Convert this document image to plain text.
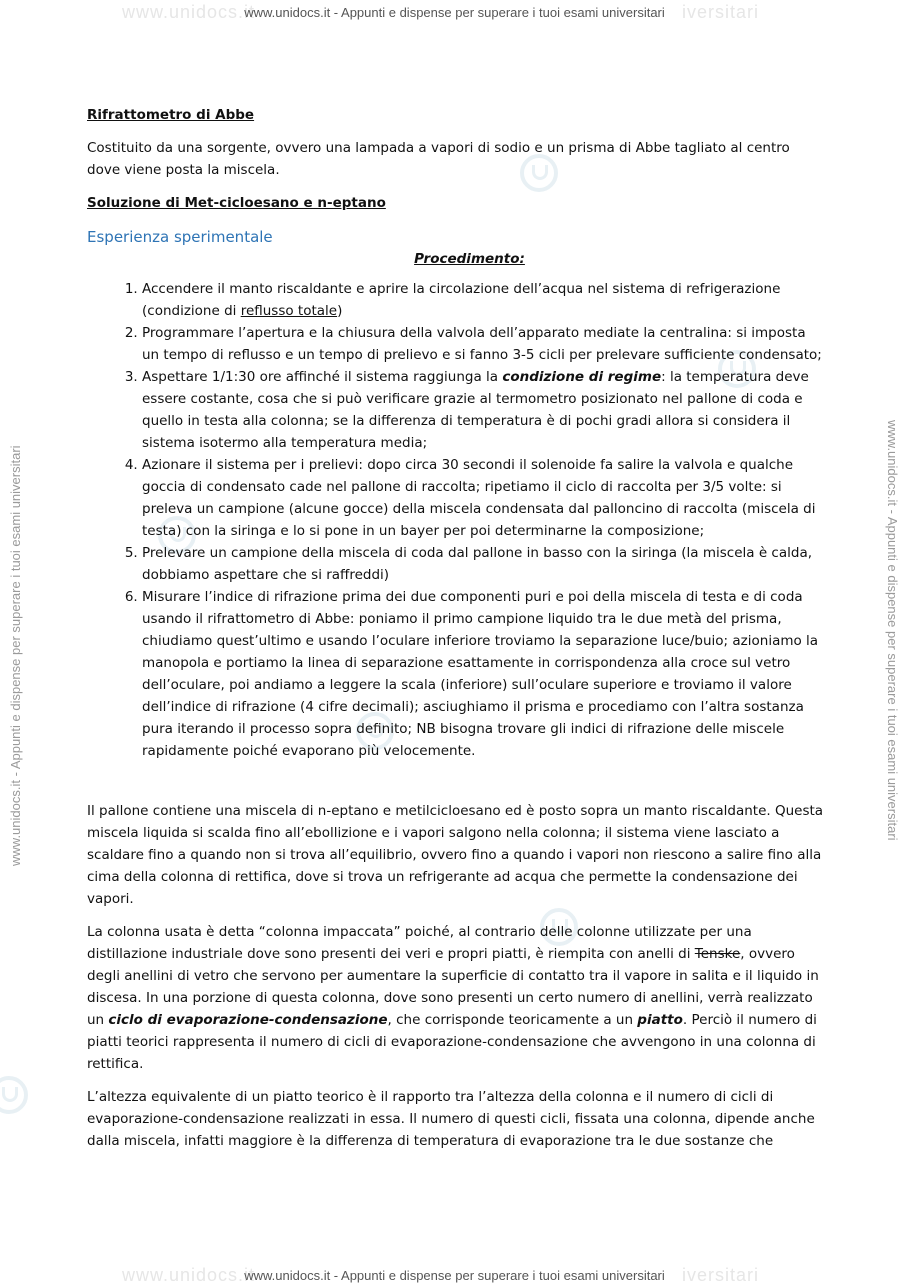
www.unidocs.it	iversitari
www.unidocs.it - Appunti e dispense per superare i tuoi esami universitari
www.unidocs.it	iversitari
www.unidocs.it - Appunti e dispense per superare i tuoi esami universitari
www.unidocs.it - Appunti e dispense per superare i tuoi esami universitari	www.unidocs.it - Appunti e dispense per superare i tuoi esami universitari
Rifrattometro di Abbe

Costituito da una sorgente, ovvero una lampada a vapori di sodio e un prisma di Abbe tagliato al centro dove viene posta la miscela.

Soluzione di Met-cicloesano e n-eptano
Esperienza sperimentale
Procedimento:
1. Accendere il manto riscaldante e aprire la circolazione dell’acqua nel sistema di refrigerazione (condizione di reflusso totale)
2. Programmare l’apertura e la chiusura della valvola dell’apparato mediate la centralina: si imposta un tempo di reflusso e un tempo di prelievo e si fanno 3-5 cicli per prelevare sufficiente condensato;
3. Aspettare 1/1:30 ore affinché il sistema raggiunga la condizione di regime: la temperatura deve essere costante, cosa che si può verificare grazie al termometro posizionato nel pallone di coda e quello in testa alla colonna; se la differenza di temperatura è di pochi gradi allora si considera il sistema isotermo alla temperatura media;
4. Azionare il sistema per i prelievi: dopo circa 30 secondi il solenoide fa salire la valvola e qualche goccia di condensato cade nel pallone di raccolta; ripetiamo il ciclo di raccolta per 3/5 volte: si preleva un campione (alcune gocce) della miscela condensata dal palloncino di raccolta (miscela di testa) con la siringa e lo si pone in un bayer per poi determinarne la composizione;
5. Prelevare un campione della miscela di coda dal pallone in basso con la siringa (la miscela è calda, dobbiamo aspettare che si raffreddi)
6. Misurare l’indice di rifrazione prima dei due componenti puri e poi della miscela di testa e di coda usando il rifrattometro di Abbe: poniamo il primo campione liquido tra le due metà del prisma, chiudiamo quest’ultimo e usando l’oculare inferiore troviamo la separazione luce/buio; azioniamo la manopola e portiamo la linea di separazione esattamente in corrispondenza alla croce sul vetro dell’oculare, poi andiamo a leggere la scala (inferiore) sull’oculare superiore e troviamo il valore dell’indice di rifrazione (4 cifre decimali); asciughiamo il prisma e procediamo con l’altra sostanza pura iterando il processo sopra definito; NB bisogna trovare gli indici di rifrazione delle miscele rapidamente poiché evaporano più velocemente.

Il pallone contiene una miscela di n-eptano e metilcicloesano ed è posto sopra un manto riscaldante. Questa miscela liquida si scalda fino all’ebollizione e i vapori salgono nella colonna; il sistema viene lasciato a scaldare fino a quando non si trova all’equilibrio, ovvero fino a quando i vapori non riescono a salire fino alla cima della colonna di rettifica, dove si trova un refrigerante ad acqua che permette la condensazione dei vapori.

La colonna usata è detta “colonna impaccata” poiché, al contrario delle colonne utilizzate per una distillazione industriale dove sono presenti dei veri e propri piatti, è riempita con anelli di Tenske, ovvero degli anellini di vetro che servono per aumentare la superficie di contatto tra il vapore in salita e il liquido in discesa. In una porzione di questa colonna, dove sono presenti un certo numero di anellini, verrà realizzato un ciclo di evaporazione-condensazione, che corrisponde teoricamente a un piatto. Perciò il numero di piatti teorici rappresenta il numero di cicli di evaporazione-condensazione che avvengono in una colonna di rettifica.

L’altezza equivalente di un piatto teorico è il rapporto tra l’altezza della colonna e il numero di cicli di evaporazione-condensazione realizzati in essa. Il numero di questi cicli, fissata una colonna, dipende anche dalla miscela, infatti maggiore è la differenza di temperatura di evaporazione tra le due sostanze che
